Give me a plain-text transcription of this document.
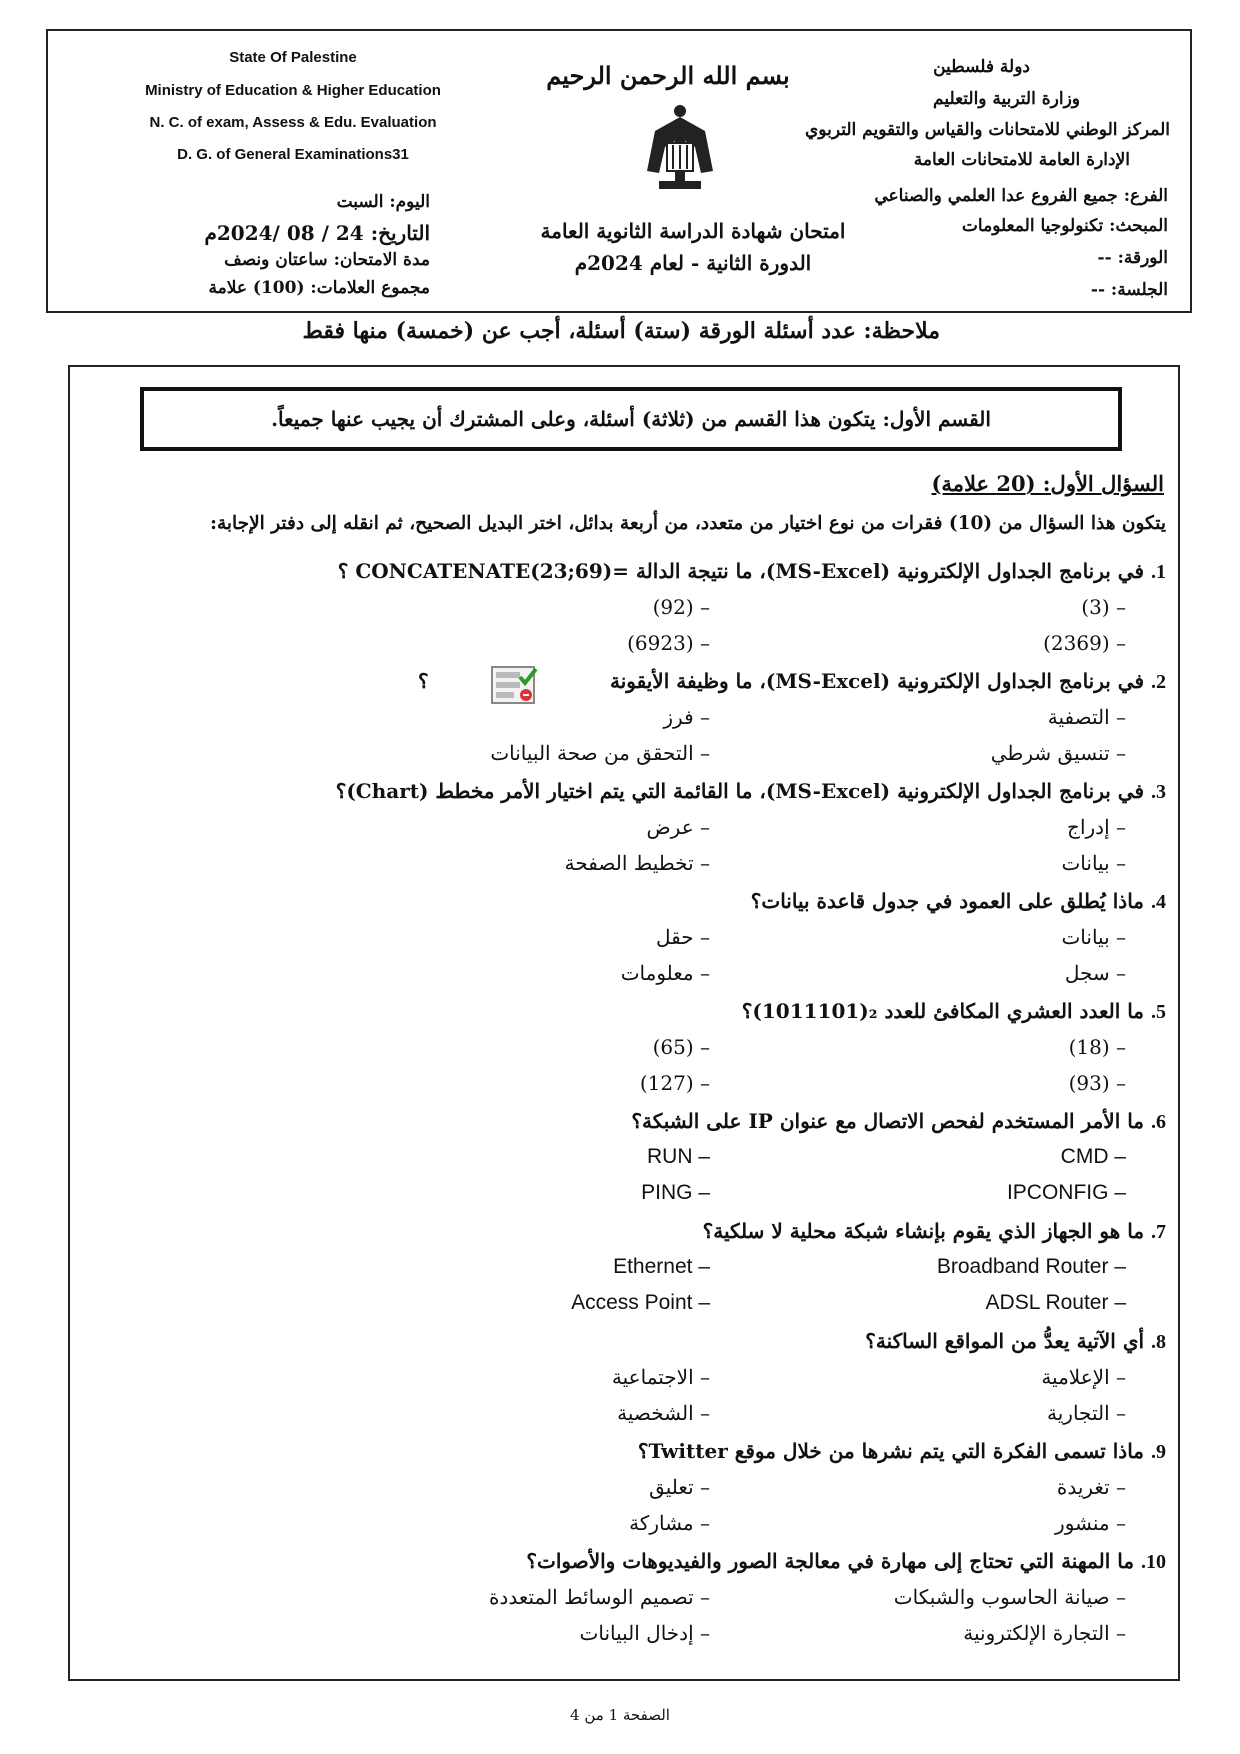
State Of Palestine
Ministry of Education & Higher Education
N. C. of exam, Assess & Edu. Evaluation
D. G. of General Examinations31
دولة فلسطين
وزارة التربية والتعليم
المركز الوطني للامتحانات والقياس والتقويم التربوي
الإدارة العامة للامتحانات العامة
بسم الله الرحمن الرحيم
امتحان شهادة الدراسة الثانوية العامة
الدورة الثانية - لعام 2024م
الفرع: جميع الفروع عدا العلمي والصناعي
المبحث: تكنولوجيا المعلومات
الورقة: --
الجلسة: --
اليوم: السبت
التاريخ: 24 / 08 /2024م
مدة الامتحان: ساعتان ونصف
مجموع العلامات: (100) علامة
ملاحظة: عدد أسئلة الورقة (ستة) أسئلة، أجب عن (خمسة) منها فقط
القسم الأول: يتكون هذا القسم من (ثلاثة) أسئلة، وعلى المشترك أن يجيب عنها جميعاً.
السؤال الأول: (20 علامة)
يتكون هذا السؤال من (10) فقرات من نوع اختيار من متعدد، من أربعة بدائل، اختر البديل الصحيح، ثم انقله إلى دفتر الإجابة:
1. في برنامج الجداول الإلكترونية (MS-Excel)، ما نتيجة الدالة =CONCATENATE(23;69) ؟
– (3)
– (92)
– (2369)
– (6923)
2. في برنامج الجداول الإلكترونية (MS-Excel)، ما وظيفة الأيقونة
؟
– التصفية
– فرز
– تنسيق شرطي
– التحقق من صحة البيانات
3. في برنامج الجداول الإلكترونية (MS-Excel)، ما القائمة التي يتم اختيار الأمر مخطط (Chart)؟
– إدراج
– عرض
– بيانات
– تخطيط الصفحة
4. ماذا يُطلق على العمود في جدول قاعدة بيانات؟
– بيانات
– حقل
– سجل
– معلومات
5. ما العدد العشري المكافئ للعدد ₂(1011101)؟
– (18)
– (65)
– (93)
– (127)
6. ما الأمر المستخدم لفحص الاتصال مع عنوان IP على الشبكة؟
– CMD
– RUN
– IPCONFIG
– PING
7. ما هو الجهاز الذي يقوم بإنشاء شبكة محلية لا سلكية؟
– Broadband Router
– Ethernet
– ADSL Router
– Access Point
8. أي الآتية يعدُّ من المواقع الساكنة؟
– الإعلامية
– الاجتماعية
– التجارية
– الشخصية
9. ماذا تسمى الفكرة التي يتم نشرها من خلال موقع Twitter؟
– تغريدة
– تعليق
– منشور
– مشاركة
10. ما المهنة التي تحتاج إلى مهارة في معالجة الصور والفيديوهات والأصوات؟
– صيانة الحاسوب والشبكات
– تصميم الوسائط المتعددة
– التجارة الإلكترونية
– إدخال البيانات
الصفحة 1 من 4
